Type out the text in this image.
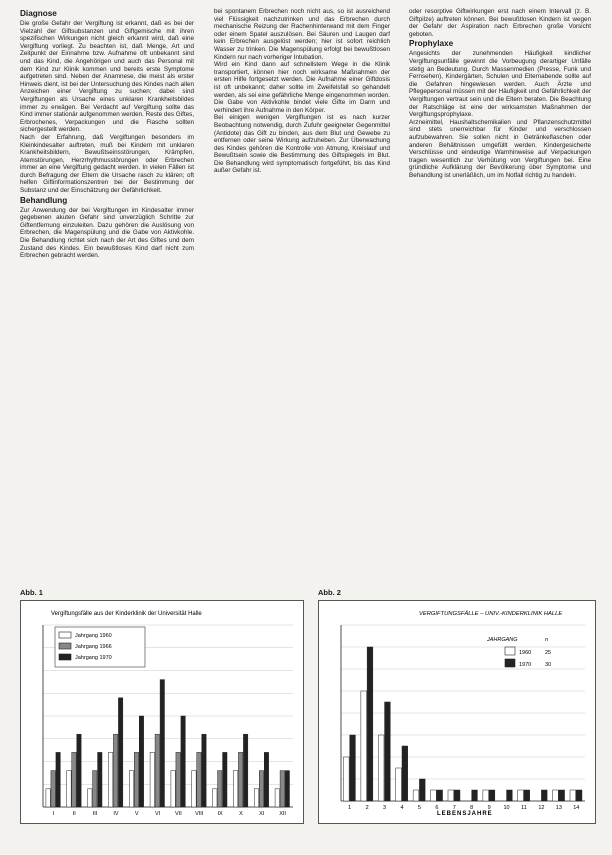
Diagnose

Die große Gefahr der Vergiftung ist erkannt, daß es bei der Vielzahl der Giftsubstanzen und Giftgemische mit ihren spezifischen Wirkungen nicht gleich erkannt wird, daß eine Vergiftung vorliegt. Zu beachten ist, daß Menge, Art und Zeitpunkt der Einnahme bzw. Aufnahme oft unbekannt sind und das Kind, die Angehörigen und auch das Personal mit dem Kind zur Klinik kommen und bereits erste Symptome aufgetreten sind. Neben der Anamnese, die meist als erster Hinweis dient, ist bei der Untersuchung des Kindes nach allen Anzeichen einer Vergiftung zu suchen; dabei sind Vergiftungen als Ursache eines unklaren Krankheitsbildes immer zu erwägen. Bei Verdacht auf Vergiftung sollte das Kind immer stationär aufgenommen werden. Reste des Giftes, Erbrochenes, Verpackungen und die Flasche sollten sichergestellt werden.

Nach der Erfahrung, daß Vergiftungen besonders im Kleinkindesalter auftreten, muß bei Kindern mit unklaren Krankheitsbildern, Bewußtseinsstörungen, Krämpfen, Atemstörungen, Herzrhythmusstörungen oder Erbrechen immer an eine Vergiftung gedacht werden. In vielen Fällen ist durch Befragung der Eltern die Ursache rasch zu klären; oft helfen Giftinformationszentren bei der Bestimmung der Substanz und der Einschätzung der Gefährlichkeit.

Behandlung

Zur Anwendung der bei Vergiftungen im Kindesalter immer gegebenen akuten Gefahr sind unverzüglich Schritte zur Giftentfernung einzuleiten. Dazu gehören die Auslösung von Erbrechen, die Magenspülung und die Gabe von Aktivkohle. Die Behandlung richtet sich nach der Art des Giftes und dem Zustand des Kindes. Ein bewußtloses Kind darf nicht zum Erbrechen gebracht werden.

bei spontanem Erbrechen noch nicht aus, so ist ausreichend viel Flüssigkeit nachzutrinken und das Erbrechen durch mechanische Reizung der Rachenhinterwand mit dem Finger oder einem Spatel auszulösen. Bei Säuren und Laugen darf kein Erbrechen ausgelöst werden; hier ist sofort reichlich Wasser zu trinken. Die Magenspülung erfolgt bei bewußtlosen Kindern nur nach vorheriger Intubation.

Wird ein Kind dann auf schnellstem Wege in die Klinik transportiert, können hier noch wirksame Maßnahmen der ersten Hilfe fortgesetzt werden. Die Aufnahme einer Giftdosis ist oft unbekannt; daher sollte im Zweifelsfall so gehandelt werden, als sei eine gefährliche Menge eingenommen worden. Die Gabe von Aktivkohle bindet viele Gifte im Darm und verhindert ihre Aufnahme in den Körper.

Bei einigen wenigen Vergiftungen ist es nach kurzer Beobachtung notwendig, durch Zufuhr geeigneter Gegenmittel (Antidote) das Gift zu binden, aus dem Blut und Gewebe zu entfernen oder seine Wirkung aufzuheben. Zur Überwachung des Kindes gehören die Kontrolle von Atmung, Kreislauf und Bewußtsein sowie die Bestimmung des Giftspiegels im Blut. Die Behandlung wird symptomatisch fortgeführt, bis das Kind außer Gefahr ist.

oder resorptive Giftwirkungen erst nach einem Intervall (z. B. Giftpilze) auftreten können. Bei bewußtlosen Kindern ist wegen der Gefahr der Aspiration nach Erbrechen große Vorsicht geboten.

Prophylaxe

Angesichts der zunehmenden Häufigkeit kindlicher Vergiftungsunfälle gewinnt die Vorbeugung derartiger Unfälle stetig an Bedeutung. Durch Massenmedien (Presse, Funk und Fernsehen), Kindergärten, Schulen und Elternabende sollte auf die Gefahren hingewiesen werden. Auch Ärzte und Pflegepersonal müssen mit der Häufigkeit und Gefährlichkeit der Vergiftungen vertraut sein und die Eltern beraten. Die Beachtung der Ratschläge ist eine der wirksamsten Maßnahmen der Vergiftungsprophylaxe.

Arzneimittel, Haushaltschemikalien und Pflanzenschutzmittel sind stets unerreichbar für Kinder und verschlossen aufzubewahren. Sie sollen nicht in Getränkeflaschen oder anderen Behältnissen umgefüllt werden. Kindergesicherte Verschlüsse und eindeutige Warnhinweise auf Verpackungen tragen wesentlich zur Verhütung von Vergiftungen bei. Eine gründliche Aufklärung der Bevölkerung über Symptome und Behandlung ist unerläßlich, um im Notfall richtig zu handeln.

Abb. 1	Abb. 2
Vergiftungsfälle aus der Kinderklinik der Universität Halle
I	II	III	IV	V	VI	VII VIII	IX	X	XI	XII
Jahrgang 1960
Jahrgang 1966
Jahrgang 1970
1	2	3	4	5	6	7	8	9 10 11 12 13 14
VERGIFTUNGSFÄLLE – UNIV.-KINDERKLINIK HALLE
JAHRGANG	n
1960	25
1970	30
LEBENSJAHRE
